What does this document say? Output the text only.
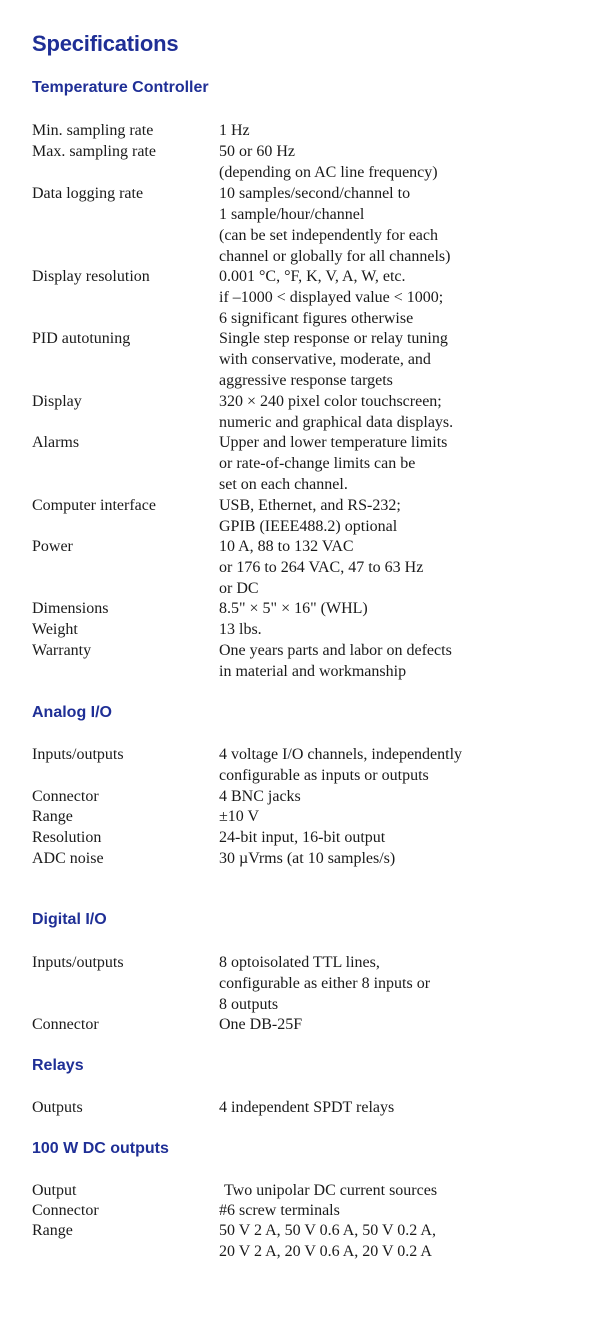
Specifications
Temperature Controller
Min. sampling rate	1 Hz
Max. sampling rate	50 or 60 Hz
(depending on AC line frequency)
Data logging rate	10 samples/second/channel to
1 sample/hour/channel
(can be set independently for each
channel or globally for all channels)
Display resolution	0.001 °C, °F, K, V, A, W, etc.
if –1000 < displayed value < 1000;
6 significant figures otherwise
PID autotuning	Single step response or relay tuning
with conservative, moderate, and
aggressive response targets
Display	320 × 240 pixel color touchscreen;
numeric and graphical data displays.
Alarms	Upper and lower temperature limits
or rate-of-change limits can be
set on each channel.
Computer interface	USB, Ethernet, and RS-232;
GPIB (IEEE488.2) optional
Power	10 A, 88 to 132 VAC
or 176 to 264 VAC, 47 to 63 Hz
or DC
Dimensions	8.5" × 5" × 16" (WHL)
Weight	13 lbs.
Warranty	One years parts and labor on defects
in material and workmanship
Analog I/O
Inputs/outputs	4 voltage I/O channels, independently
configurable as inputs or outputs
Connector	4 BNC jacks
Range	±10 V
Resolution	24-bit input, 16-bit output
ADC noise	30 µVrms (at 10 samples/s)
Digital I/O
Inputs/outputs	8 optoisolated TTL lines,
configurable as either 8 inputs or
8 outputs
Connector	One DB-25F
Relays
Outputs	4 independent SPDT relays
100 W DC outputs
Output	Two unipolar DC current sources
Connector	#6 screw terminals
Range	50 V 2 A, 50 V 0.6 A, 50 V 0.2 A,
20 V 2 A, 20 V 0.6 A, 20 V 0.2 A
